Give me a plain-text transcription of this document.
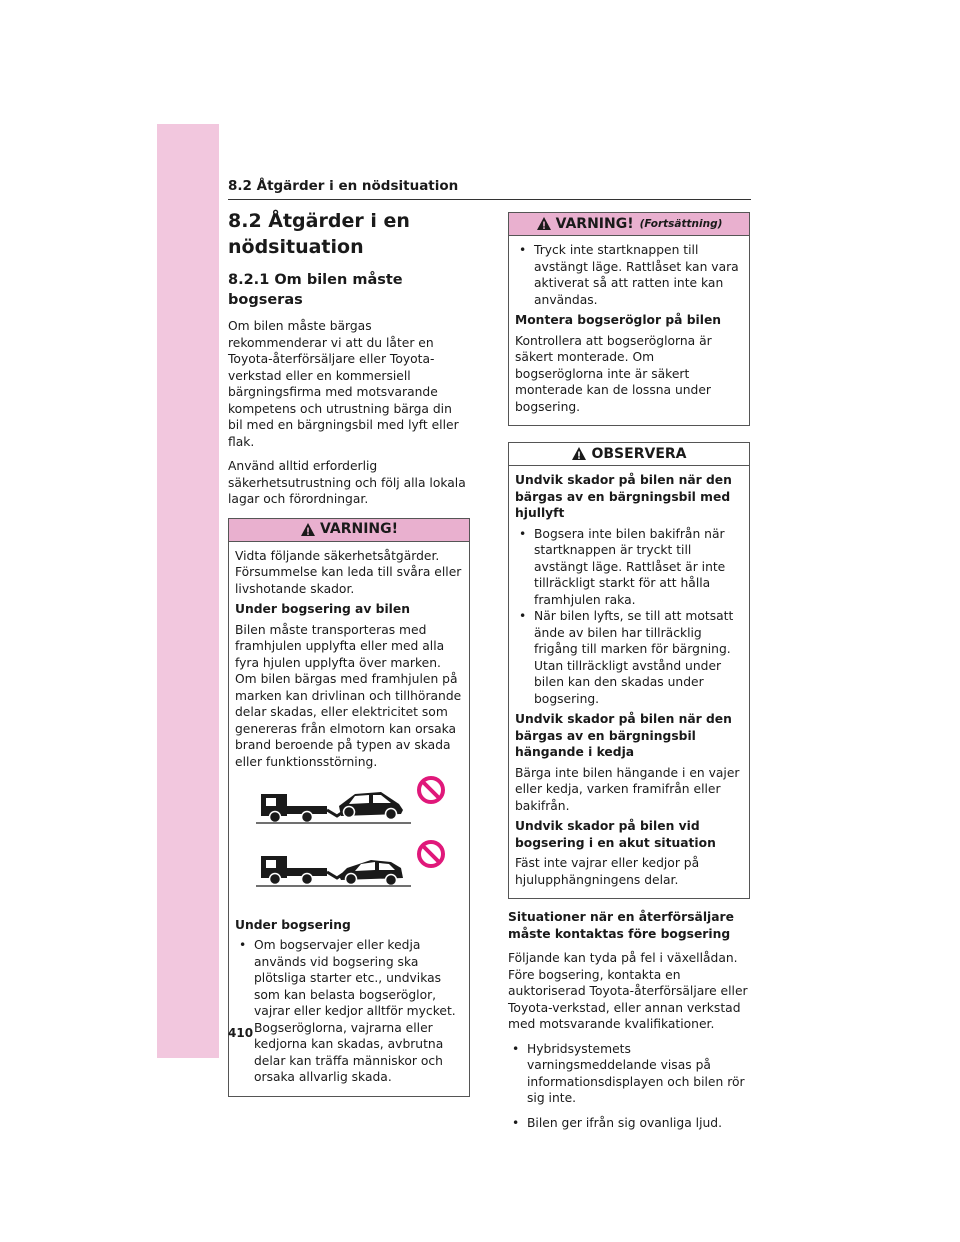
8.2 Åtgärder i en nödsituation
8.2 Åtgärder i en nödsituation
8.2.1 Om bilen måste bogseras

Om bilen måste bärgas rekommenderar vi att du låter en Toyota-återförsäljare eller Toyota-verkstad eller en kommersiell bärgningsfirma med motsvarande kompetens och utrustning bärga din bil med en bärgningsbil med lyft eller flak.

Använd alltid erforderlig säkerhetsutrustning och följ alla lokala lagar och förordningar.

VARNING!

Vidta följande säkerhetsåtgärder. Försummelse kan leda till svåra eller livshotande skador.

Under bogsering av bilen

Bilen måste transporteras med framhjulen upplyfta eller med alla fyra hjulen upplyfta över marken. Om bilen bärgas med framhjulen på marken kan drivlinan och tillhörande delar skadas, eller elektricitet som genereras från elmotorn kan orsaka brand beroende på typen av skada eller funktionsstörning.

Under bogsering

• Om bogservajer eller kedja används vid bogsering ska plötsliga starter etc., undvikas som kan belasta bogseröglor, vajrar eller kedjor alltför mycket. Bogseröglorna, vajrarna eller kedjorna kan skadas, avbrutna delar kan träffa människor och orsaka allvarlig skada.
VARNING! (Fortsättning)
• Tryck inte startknappen till avstängt läge. Rattlåset kan vara aktiverat så att ratten inte kan användas.

Montera bogseröglor på bilen

Kontrollera att bogseröglorna är säkert monterade. Om bogseröglorna inte är säkert monterade kan de lossna under bogsering.

OBSERVERA

Undvik skador på bilen när den bärgas av en bärgningsbil med hjullyft

• Bogsera inte bilen bakifrån när startknappen är tryckt till avstängt läge. Rattlåset är inte tillräckligt starkt för att hålla framhjulen raka.
• När bilen lyfts, se till att motsatt ände av bilen har tillräcklig frigång till marken för bärgning. Utan tillräckligt avstånd under bilen kan den skadas under bogsering.

Undvik skador på bilen när den bärgas av en bärgningsbil hängande i kedja

Bärga inte bilen hängande i en vajer eller kedja, varken framifrån eller bakifrån.

Undvik skador på bilen vid bogsering i en akut situation

Fäst inte vajrar eller kedjor på hjulupphängningens delar.

Situationer när en återförsäljare måste kontaktas före bogsering

Följande kan tyda på fel i växellådan. Före bogsering, kontakta en auktoriserad Toyota-återförsäljare eller Toyota-verkstad, eller annan verkstad med motsvarande kvalifikationer.

• Hybridsystemets varningsmeddelande visas på informationsdisplayen och bilen rör sig inte.
• Bilen ger ifrån sig ovanliga ljud.
410
